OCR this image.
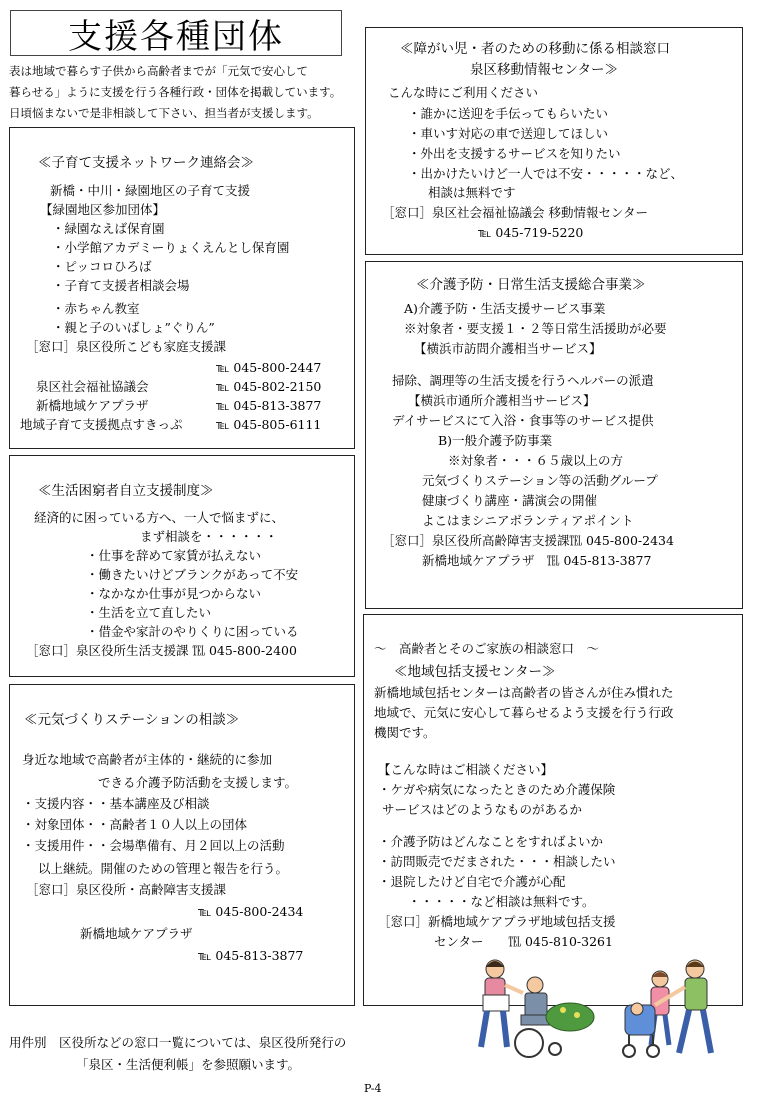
支援各種団体
表は地域で暮らす子供から高齢者までが「元気で安心して
暮らせる」ように支援を行う各種行政・団体を掲載しています。
日頃悩まないで是非相談して下さい、担当者が支援します。
≪子育て支援ネットワーク連絡会≫
新橋・中川・緑園地区の子育て支援
【緑園地区参加団体】
・緑園なえば保育園
・小学館アカデミーりょくえんとし保育園
・ピッコロひろば
・子育て支援者相談会場
・赤ちゃん教室
・親と子のいばしょ”ぐりん”
［窓口］泉区役所こども家庭支援課
℡ 045-800-2447
泉区社会福祉協議会	℡ 045-802-2150
新橋地域ケアプラザ	℡ 045-813-3877
地域子育て支援拠点すきっぷ	℡ 045-805-6111
≪生活困窮者自立支援制度≫
経済的に困っている方へ、一人で悩まずに、
まず相談を・・・・・・
・仕事を辞めて家賃が払えない
・働きたいけどブランクがあって不安
・なかなか仕事が見つからない
・生活を立て直したい
・借金や家計のやりくりに困っている
［窓口］泉区役所生活支援課 ℡ 045-800-2400
≪元気づくりステーションの相談≫
身近な地域で高齢者が主体的・継続的に参加
できる介護予防活動を支援します。
・支援内容・・基本講座及び相談
・対象団体・・高齢者１０人以上の団体
・支援用件・・会場準備有、月２回以上の活動
以上継続。開催のための管理と報告を行う。
［窓口］泉区役所・高齢障害支援課
℡ 045-800-2434
新橋地域ケアプラザ
℡ 045-813-3877
≪障がい児・者のための移動に係る相談窓口
泉区移動情報センター≫
こんな時にご利用ください
・誰かに送迎を手伝ってもらいたい
・車いす対応の車で送迎してほしい
・外出を支援するサービスを知りたい
・出かけたいけど一人では不安・・・・・など、
相談は無料です
［窓口］泉区社会福祉協議会 移動情報センター
℡ 045-719-5220
≪介護予防・日常生活支援総合事業≫
A)介護予防・生活支援サービス事業
※対象者・要支援１・２等日常生活援助が必要
【横浜市訪問介護相当サービス】
掃除、調理等の生活支援を行うヘルパーの派遣
【横浜市通所介護相当サービス】
デイサービスにて入浴・食事等のサービス提供
B)一般介護予防事業
※対象者・・・６５歳以上の方
元気づくりステーション等の活動グループ
健康づくり講座・講演会の開催
よこはまシニアボランティアポイント
［窓口］泉区役所高齢障害支援課℡ 045-800-2434
新橋地域ケアプラザ　℡ 045-813-3877
～　高齢者とそのご家族の相談窓口　～
≪地域包括支援センター≫
新橋地域包括センターは高齢者の皆さんが住み慣れた
地域で、元気に安心して暮らせるよう支援を行う行政
機関です。
【こんな時はご相談ください】
・ケガや病気になったときのため介護保険
サービスはどのようなものがあるか
・介護予防はどんなことをすればよいか
・訪問販売でだまされた・・・相談したい
・退院したけど自宅で介護が心配
・・・・・など相談は無料です。
［窓口］新橋地域ケアプラザ地域包括支援
センター　　℡ 045-810-3261
用件別　区役所などの窓口一覧については、泉区役所発行の
「泉区・生活便利帳」を参照願います。
P-4
